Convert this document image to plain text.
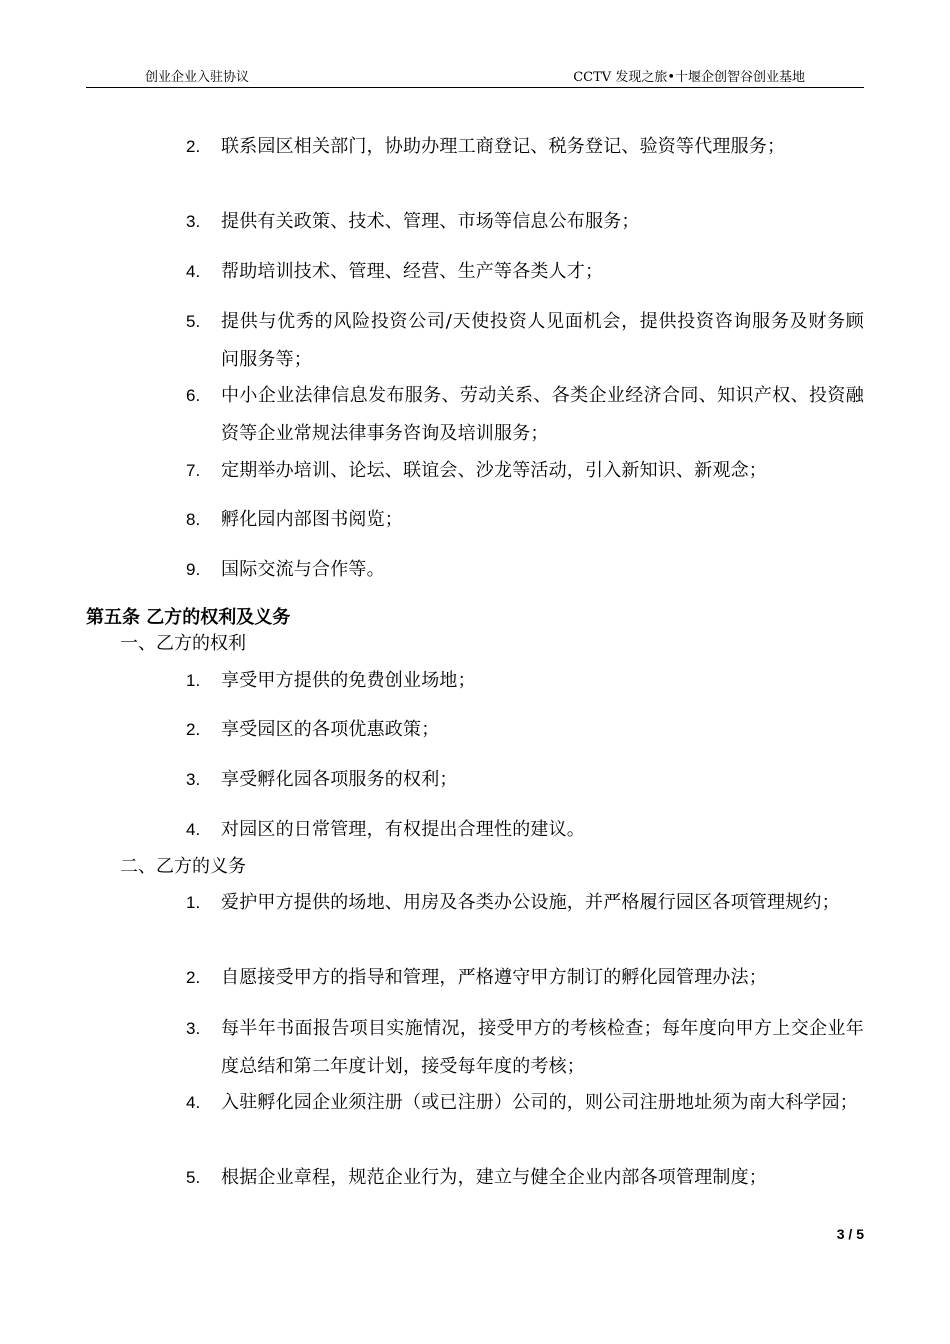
创业企业入驻协议	CCTV 发现之旅•十堰企创智谷创业基地
2.	联系园区相关部门，协助办理工商登记、税务登记、验资等代理服务；
3.	提供有关政策、技术、管理、市场等信息公布服务；
4.	帮助培训技术、管理、经营、生产等各类人才；
5.	提供与优秀的风险投资公司/天使投资人见面机会，提供投资咨询服务及财务顾问服务等；
6.	中小企业法律信息发布服务、劳动关系、各类企业经济合同、知识产权、投资融资等企业常规法律事务咨询及培训服务；
7.	定期举办培训、论坛、联谊会、沙龙等活动，引入新知识、新观念；
8.	孵化园内部图书阅览；
9.	国际交流与合作等。
第五条 乙方的权利及义务
一、乙方的权利
1.	享受甲方提供的免费创业场地；
2.	享受园区的各项优惠政策；
3.	享受孵化园各项服务的权利；
4.	对园区的日常管理，有权提出合理性的建议。
二、乙方的义务
1.	爱护甲方提供的场地、用房及各类办公设施，并严格履行园区各项管理规约；
2.	自愿接受甲方的指导和管理，严格遵守甲方制订的孵化园管理办法；
3.	每半年书面报告项目实施情况，接受甲方的考核检查；每年度向甲方上交企业年度总结和第二年度计划，接受每年度的考核；
4.	入驻孵化园企业须注册（或已注册）公司的，则公司注册地址须为南大科学园；
5.	根据企业章程，规范企业行为，建立与健全企业内部各项管理制度；
3 / 5
